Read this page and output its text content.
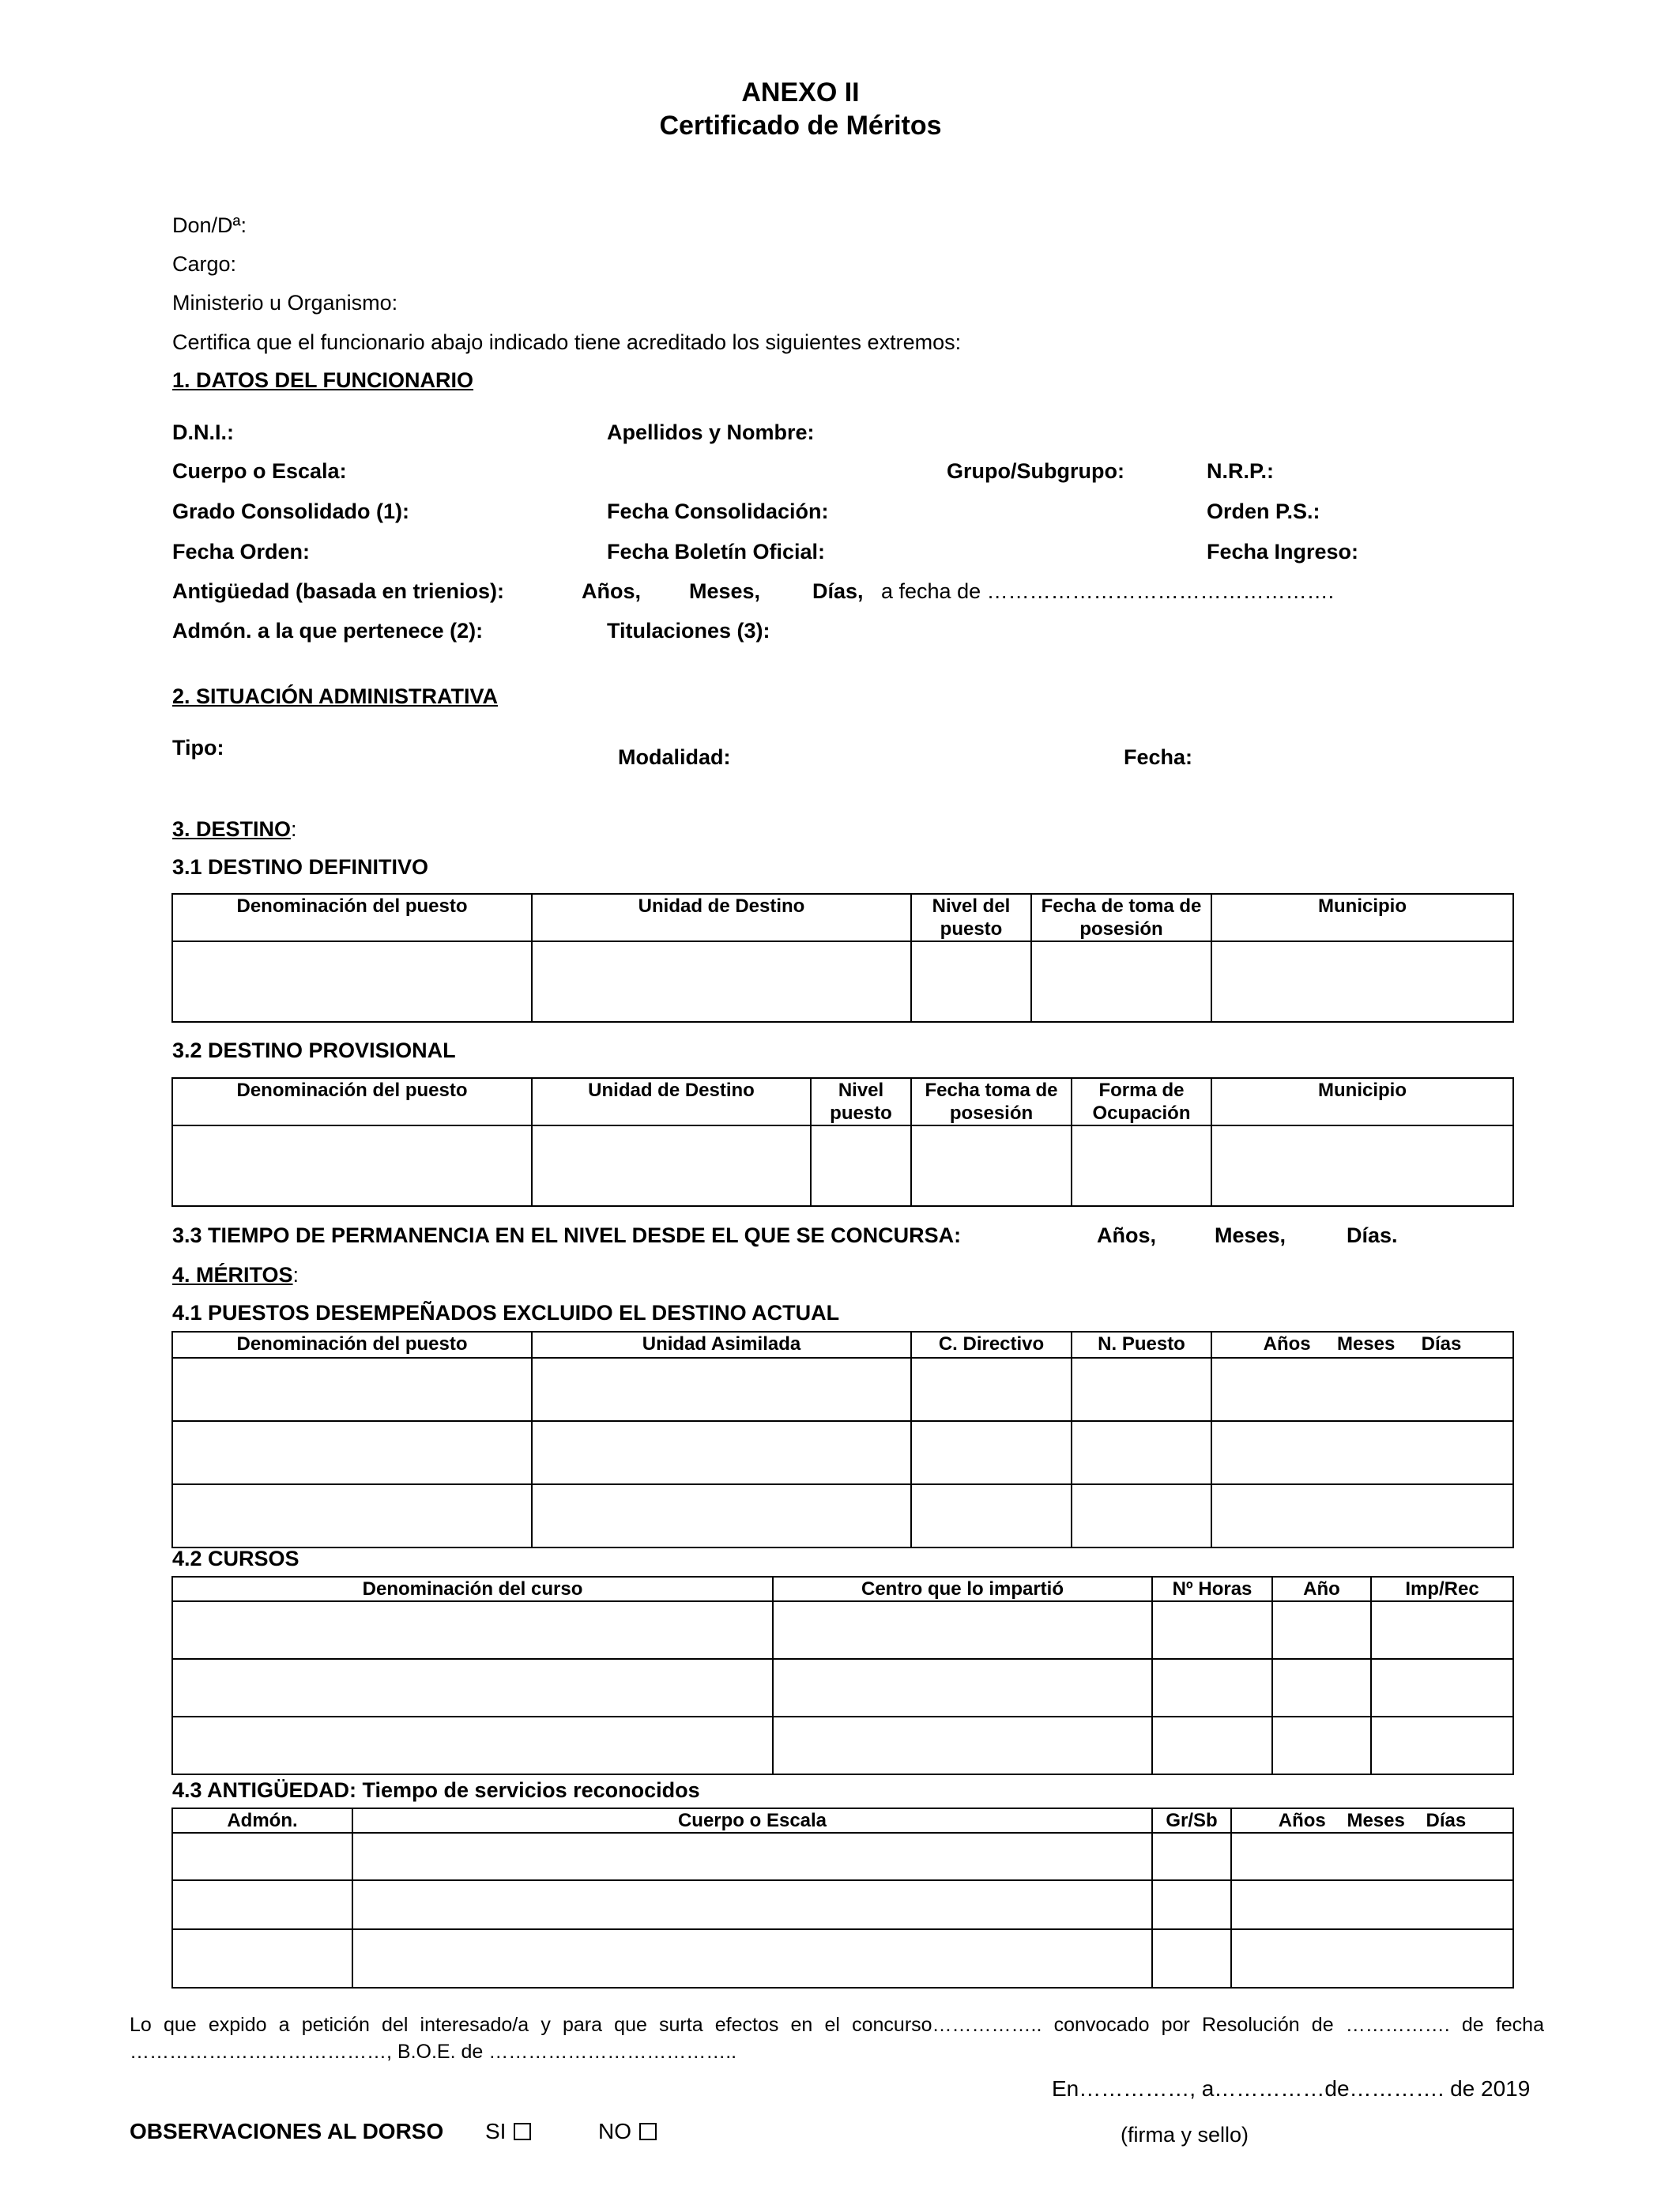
ANEXO II
Certificado de Méritos
Don/Dª:
Cargo:
Ministerio u Organismo:
Certifica que el funcionario abajo indicado tiene acreditado los siguientes extremos:
1. DATOS DEL FUNCIONARIO
D.N.I.:	Apellidos y Nombre:
Cuerpo o Escala:	Grupo/Subgrupo:	N.R.P.:
Grado Consolidado (1):	Fecha Consolidación:	Orden P.S.:
Fecha Orden:	Fecha Boletín Oficial:	Fecha Ingreso:
Antigüedad (basada en trienios):	Años, Meses, Días, a fecha de ………………………………………….
Admón. a la que pertenece (2):	Titulaciones (3):
2. SITUACIÓN ADMINISTRATIVA
Tipo:	Modalidad:	Fecha:
3. DESTINO:
3.1 DESTINO DEFINITIVO
Denominación del puesto	Unidad de Destino	Nivel del puesto	Fecha de toma de posesión	Municipio

3.2 DESTINO PROVISIONAL
Denominación del puesto	Unidad de Destino	Nivel puesto	Fecha toma de posesión	Forma de Ocupación	Municipio

3.3 TIEMPO DE PERMANENCIA EN EL NIVEL DESDE EL QUE SE CONCURSA:	Años,	Meses,	Días.
4. MÉRITOS:
4.1 PUESTOS DESEMPEÑADOS EXCLUIDO EL DESTINO ACTUAL
Denominación del puesto	Unidad Asimilada	C. Directivo	N. Puesto	Años     Meses     Días

4.2 CURSOS
Denominación del curso	Centro que lo impartió	Nº Horas	Año	Imp/Rec

4.3 ANTIGÜEDAD: Tiempo de servicios reconocidos
Admón.	Cuerpo o Escala	Gr/Sb	Años    Meses    Días

Lo que expido a petición del interesado/a y para que surta efectos en el concurso…………….. convocado por Resolución de ……………. de fecha
…………………………………, B.O.E. de ………………………………..
En……………, a……………de…………. de 2019
OBSERVACIONES AL DORSO SI	NO	(firma y sello)
